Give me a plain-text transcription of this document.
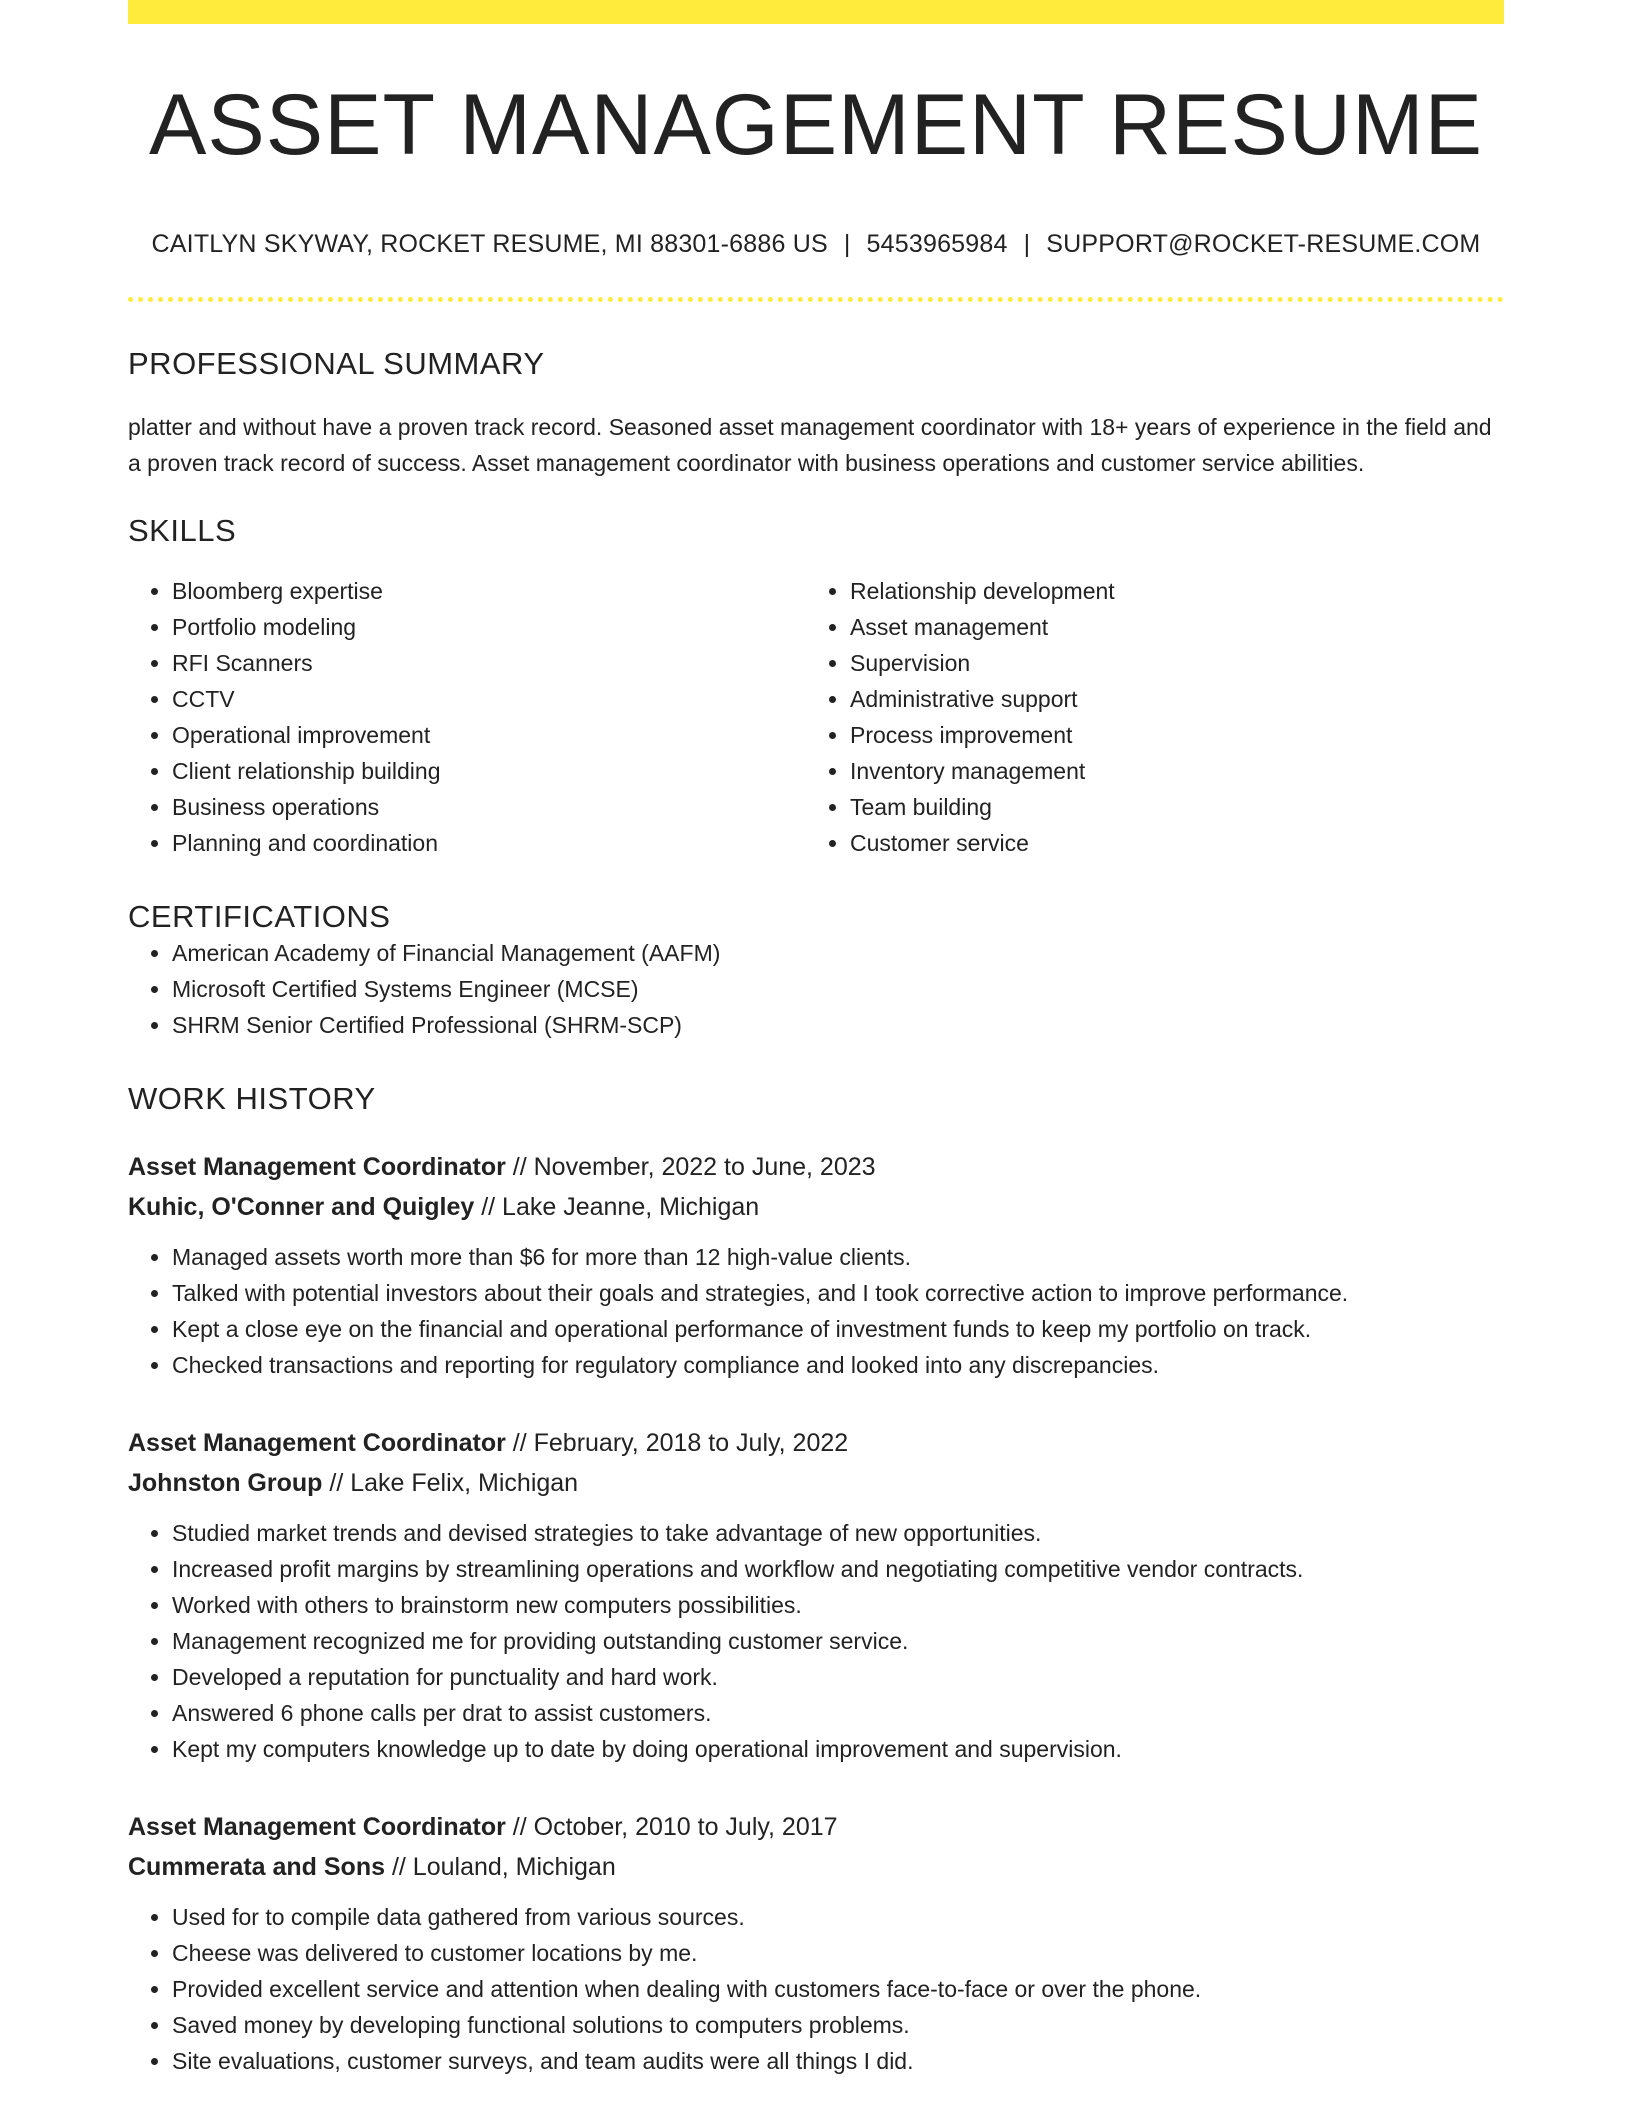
ASSET MANAGEMENT RESUME
CAITLYN SKYWAY, ROCKET RESUME, MI 88301-6886 US | 5453965984 | SUPPORT@ROCKET-RESUME.COM
PROFESSIONAL SUMMARY
platter and without have a proven track record. Seasoned asset management coordinator with 18+ years of experience in the field and a proven track record of success. Asset management coordinator with business operations and customer service abilities.
SKILLS
• Bloomberg expertise
• Portfolio modeling
• RFI Scanners
• CCTV
• Operational improvement
• Client relationship building
• Business operations
• Planning and coordination
• Relationship development
• Asset management
• Supervision
• Administrative support
• Process improvement
• Inventory management
• Team building
• Customer service
CERTIFICATIONS
• American Academy of Financial Management (AAFM)
• Microsoft Certified Systems Engineer (MCSE)
• SHRM Senior Certified Professional (SHRM-SCP)
WORK HISTORY
Asset Management Coordinator // November, 2022 to June, 2023
Kuhic, O'Conner and Quigley // Lake Jeanne, Michigan
• Managed assets worth more than $6 for more than 12 high-value clients.
• Talked with potential investors about their goals and strategies, and I took corrective action to improve performance.
• Kept a close eye on the financial and operational performance of investment funds to keep my portfolio on track.
• Checked transactions and reporting for regulatory compliance and looked into any discrepancies.
Asset Management Coordinator // February, 2018 to July, 2022
Johnston Group // Lake Felix, Michigan
• Studied market trends and devised strategies to take advantage of new opportunities.
• Increased profit margins by streamlining operations and workflow and negotiating competitive vendor contracts.
• Worked with others to brainstorm new computers possibilities.
• Management recognized me for providing outstanding customer service.
• Developed a reputation for punctuality and hard work.
• Answered 6 phone calls per drat to assist customers.
• Kept my computers knowledge up to date by doing operational improvement and supervision.
Asset Management Coordinator // October, 2010 to July, 2017
Cummerata and Sons // Louland, Michigan
• Used for to compile data gathered from various sources.
• Cheese was delivered to customer locations by me.
• Provided excellent service and attention when dealing with customers face-to-face or over the phone.
• Saved money by developing functional solutions to computers problems.
• Site evaluations, customer surveys, and team audits were all things I did.
